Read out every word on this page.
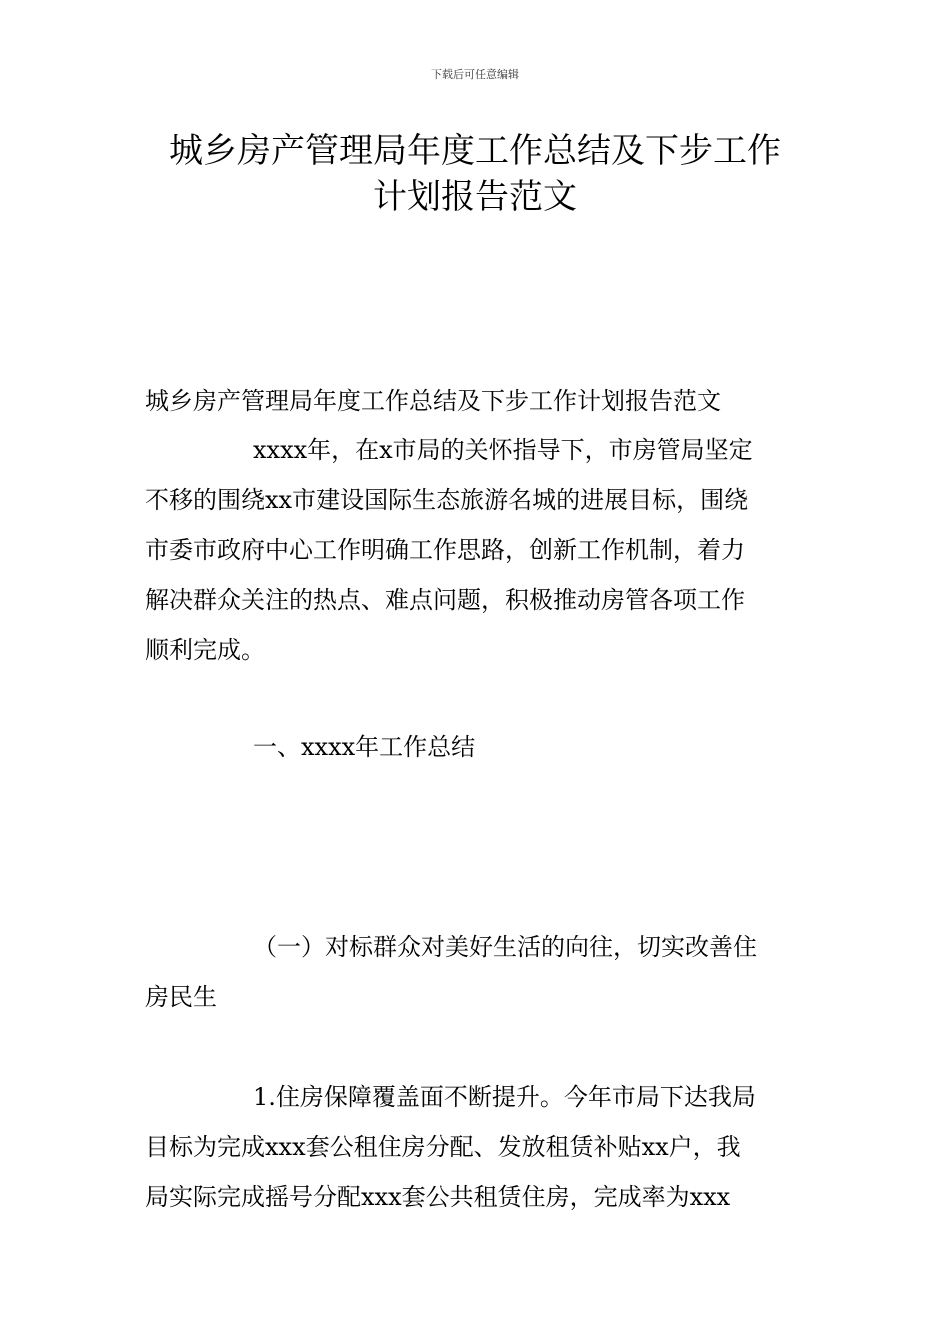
下载后可任意编辑
城乡房产管理局年度工作总结及下步工作
计划报告范文

城乡房产管理局年度工作总结及下步工作计划报告范文

xxxx年，在x市局的关怀指导下，市房管局坚定
不移的围绕xx市建设国际生态旅游名城的进展目标，围绕
市委市政府中心工作明确工作思路，创新工作机制，着力
解决群众关注的热点、难点问题，积极推动房管各项工作
顺利完成。

一、xxxx年工作总结

（一）对标群众对美好生活的向往，切实改善住
房民生

1.住房保障覆盖面不断提升。今年市局下达我局
目标为完成xxx套公租住房分配、发放租赁补贴xx户，我
局实际完成摇号分配xxx套公共租赁住房，完成率为xxx
